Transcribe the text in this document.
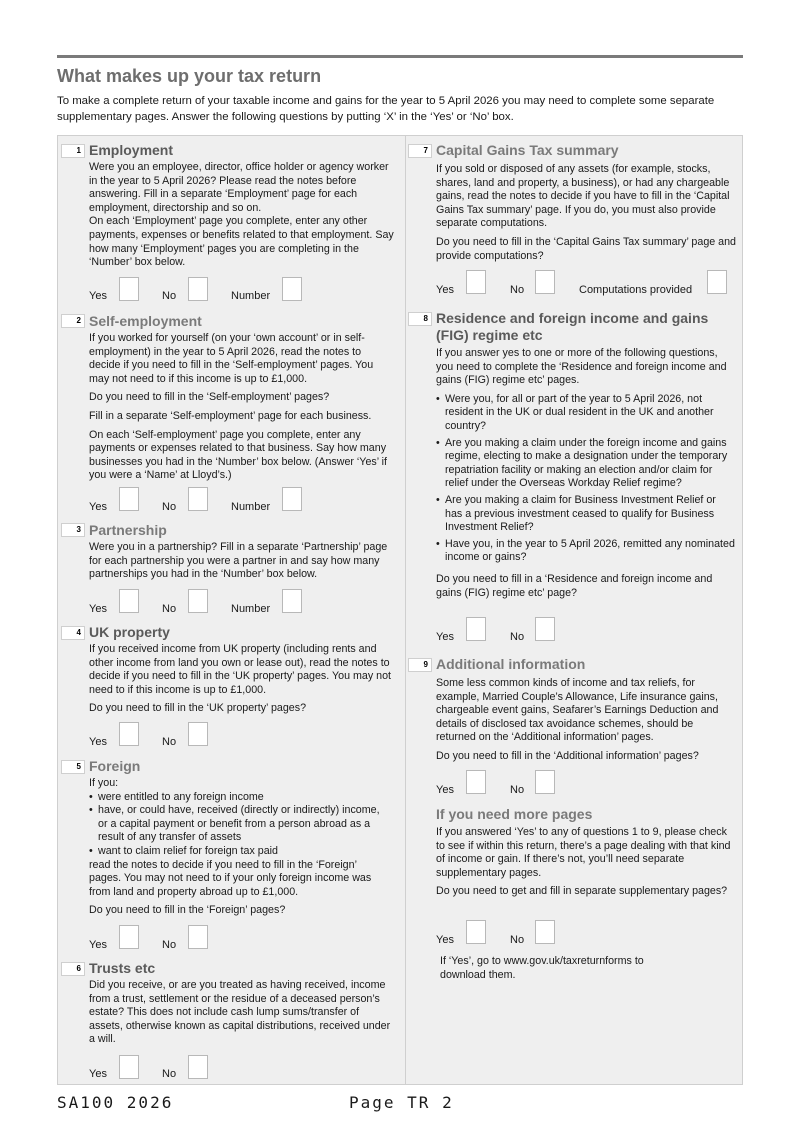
What makes up your tax return
To make a complete return of your taxable income and gains for the year to 5 April 2026 you may need to complete some separate supplementary pages. Answer the following questions by putting ‘X’ in the ‘Yes’ or ‘No’ box.
1 Employment
Were you an employee, director, office holder or agency worker in the year to 5 April 2026? Please read the notes before answering. Fill in a separate ‘Employment’ page for each employment, directorship and so on.
On each ‘Employment’ page you complete, enter any other payments, expenses or benefits related to that employment. Say how many ‘Employment’ pages you are completing in the ‘Number’ box below.
Yes	No	Number
2 Self-employment

If you worked for yourself (on your ‘own account’ or in self-employment) in the year to 5 April 2026, read the notes to decide if you need to fill in the ‘Self-employment’ pages. You may not need to if this income is up to £1,000.

Do you need to fill in the ‘Self-employment’ pages?

Fill in a separate ‘Self-employment’ page for each business.

On each ‘Self-employment’ page you complete, enter any payments or expenses related to that business. Say how many businesses you had in the ‘Number’ box below. (Answer ‘Yes’ if you were a ‘Name’ at Lloyd’s.)

Yes	No	Number
3 Partnership
Were you in a partnership? Fill in a separate ‘Partnership’ page for each partnership you were a partner in and say how many partnerships you had in the ‘Number’ box below.
Yes	No	Number
4 UK property

If you received income from UK property (including rents and other income from land you own or lease out), read the notes to decide if you need to fill in the ‘UK property’ pages. You may not need to if this income is up to £1,000.

Do you need to fill in the ‘UK property’ pages?

Yes	No
5 Foreign
If you:
• were entitled to any foreign income
• have, or could have, received (directly or indirectly) income, or a capital payment or benefit from a person abroad as a result of any transfer of assets
• want to claim relief for foreign tax paid

read the notes to decide if you need to fill in the ‘Foreign’ pages. You may not need to if your only foreign income was from land and property abroad up to £1,000.

Do you need to fill in the ‘Foreign’ pages?

Yes	No
6 Trusts etc
Did you receive, or are you treated as having received, income from a trust, settlement or the residue of a deceased person’s estate? This does not include cash lump sums/transfer of assets, otherwise known as capital distributions, received under a will.
Yes	No
7 Capital Gains Tax summary

If you sold or disposed of any assets (for example, stocks, shares, land and property, a business), or had any chargeable gains, read the notes to decide if you have to fill in the ‘Capital Gains Tax summary’ page. If you do, you must also provide separate computations.

Do you need to fill in the ‘Capital Gains Tax summary’ page and provide computations?

Yes	No	Computations provided
8 Residence and foreign income and gains (FIG) regime etc

If you answer yes to one or more of the following questions, you need to complete the ‘Residence and foreign income and gains (FIG) regime etc’ pages.

• Were you, for all or part of the year to 5 April 2026, not resident in the UK or dual resident in the UK and another country?
• Are you making a claim under the foreign income and gains regime, electing to make a designation under the temporary repatriation facility or making an election and/or claim for relief under the Overseas Workday Relief regime?
• Are you making a claim for Business Investment Relief or has a previous investment ceased to qualify for Business Investment Relief?
• Have you, in the year to 5 April 2026, remitted any nominated income or gains?

Do you need to fill in a ‘Residence and foreign income and gains (FIG) regime etc’ page?

Yes	No
9 Additional information

Some less common kinds of income and tax reliefs, for example, Married Couple’s Allowance, Life insurance gains, chargeable event gains, Seafarer’s Earnings Deduction and details of disclosed tax avoidance schemes, should be returned on the ‘Additional information’ pages.

Do you need to fill in the ‘Additional information’ pages?

Yes	No
If you need more pages

If you answered ‘Yes’ to any of questions 1 to 9, please check to see if within this return, there’s a page dealing with that kind of income or gain. If there’s not, you’ll need separate supplementary pages.

Do you need to get and fill in separate supplementary pages?

Yes	No
If ‘Yes’, go to www.gov.uk/taxreturnforms to download them.
SA100 2026	Page TR 2
